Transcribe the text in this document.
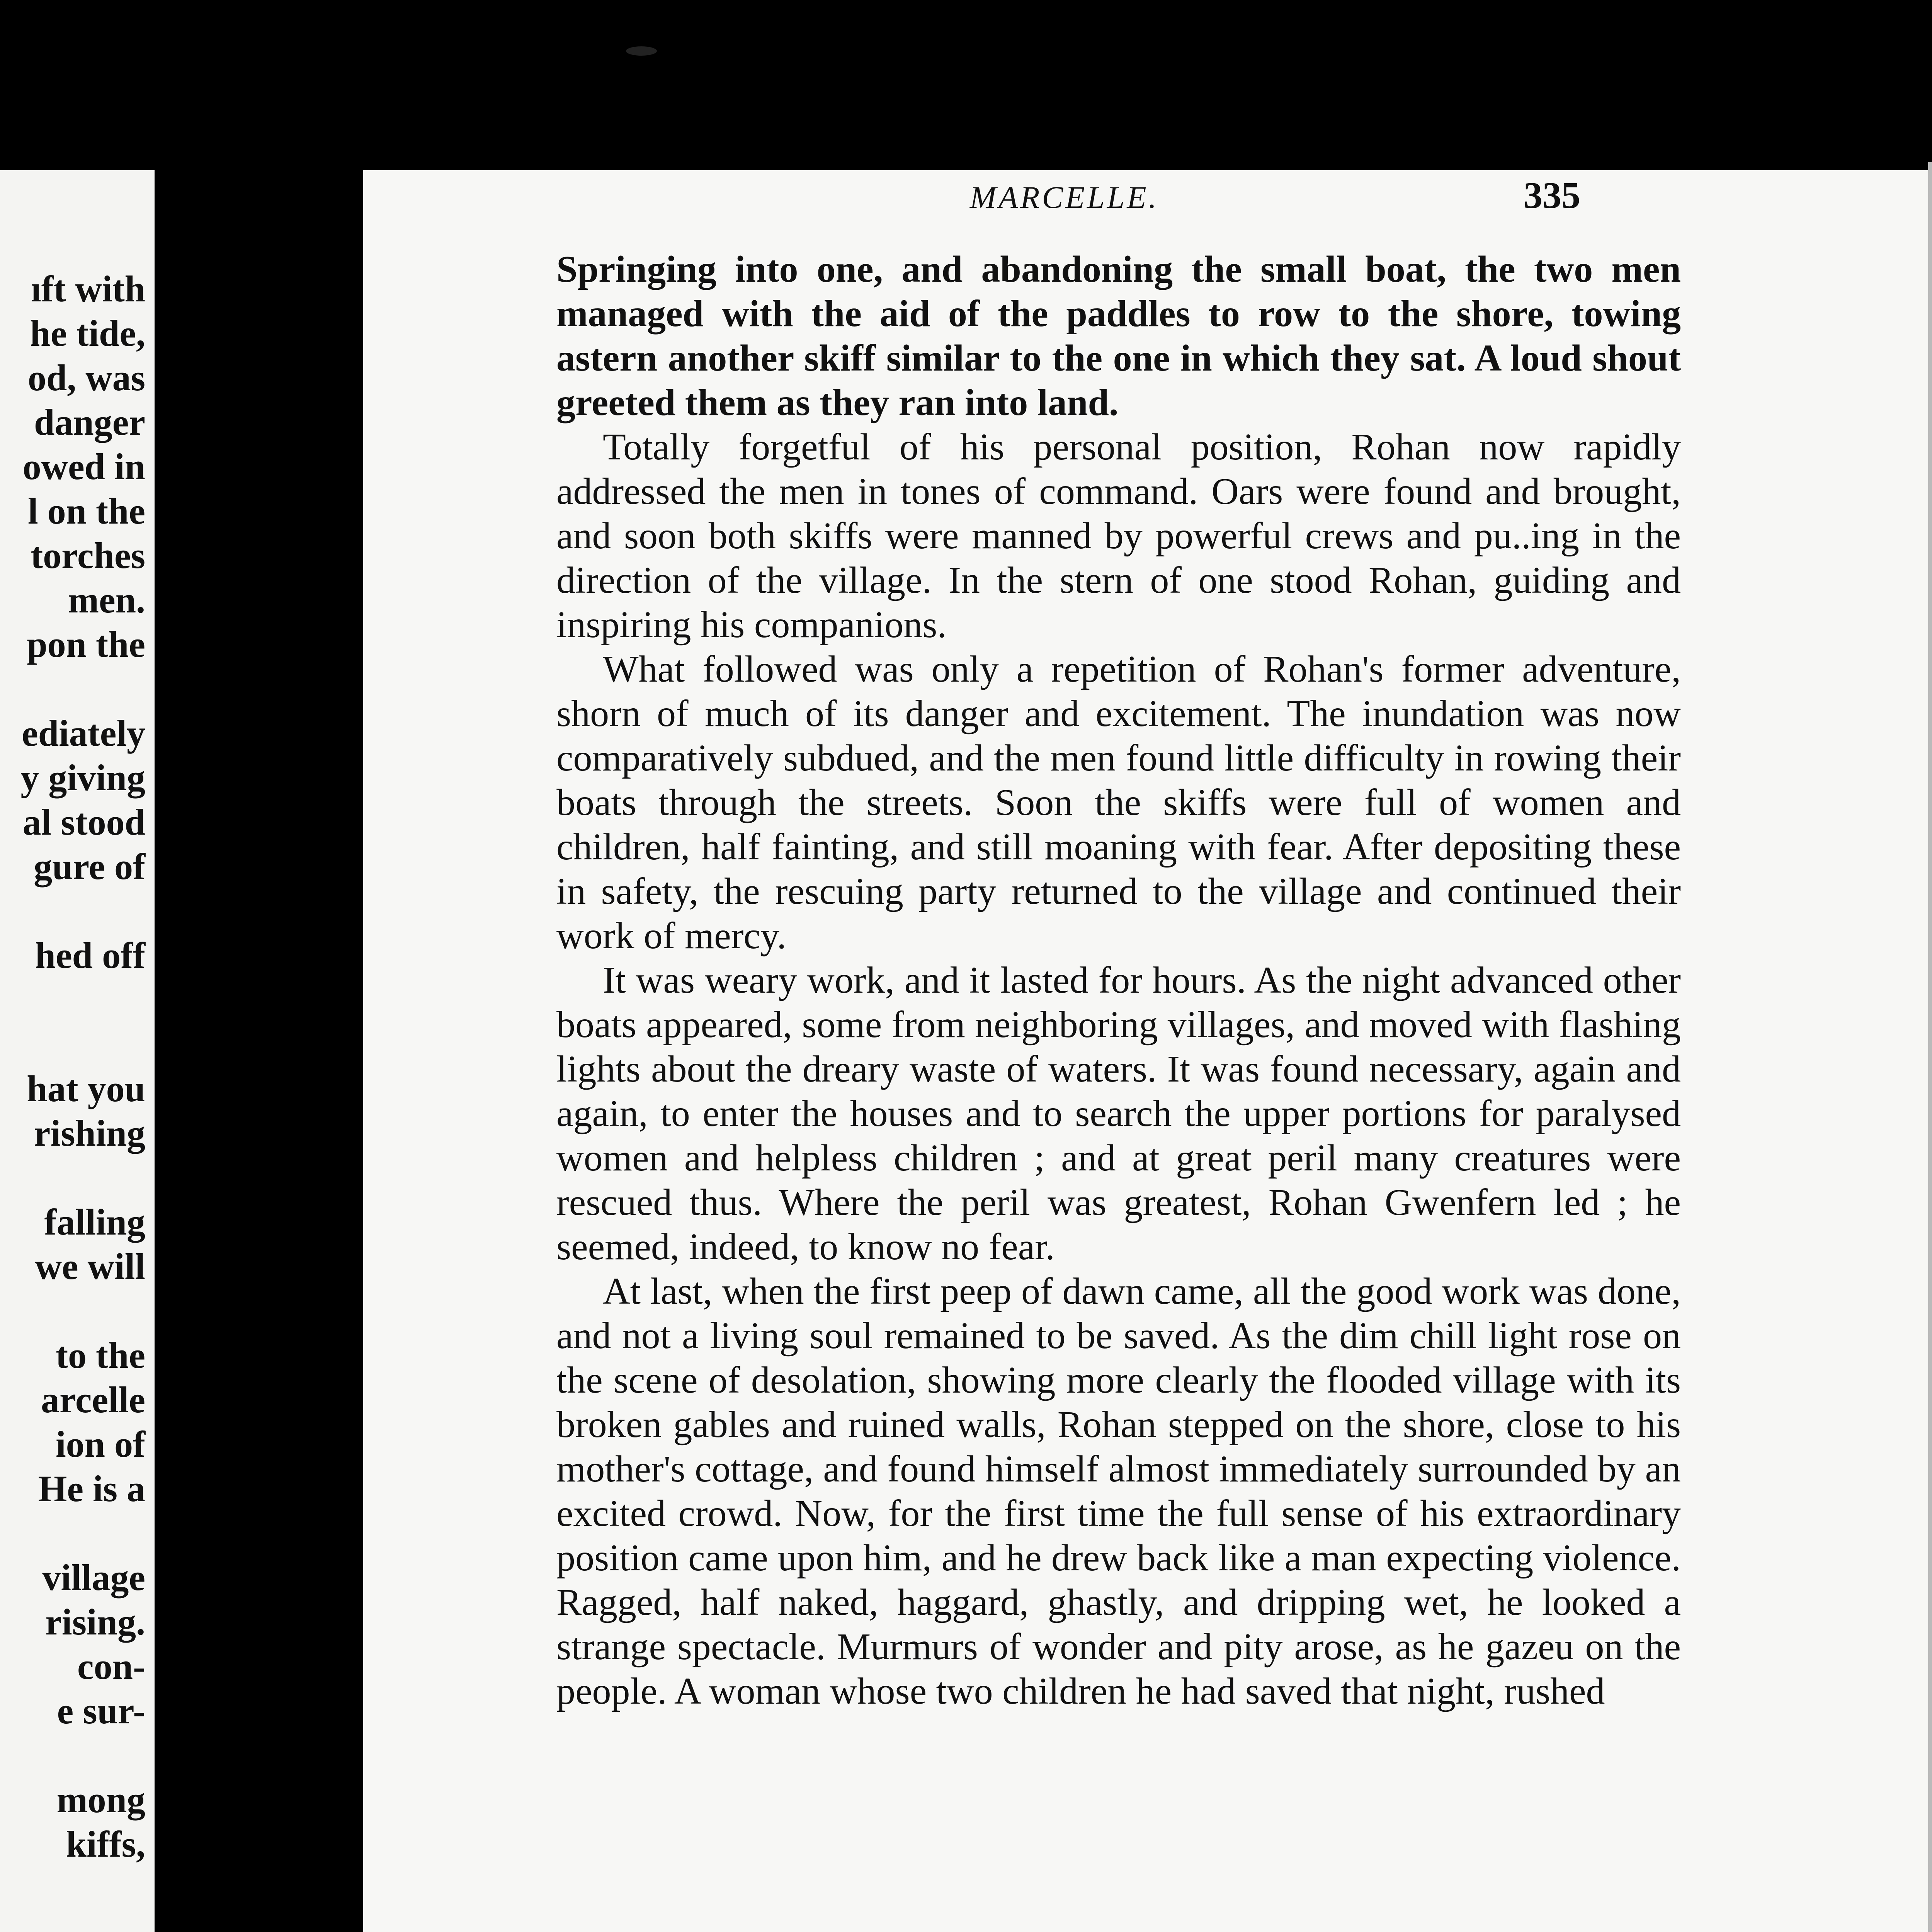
ıft with
he tide,
od, was
danger
owed in
l on the
torches
men.
pon the
ediately
y giving
al stood
gure of
hed off
hat you
rishing
falling
we will
to the
arcelle
ion of
He is a
village
rising.
con-
e sur-
mong
kiffs,
MARCELLE.	335

Springing into one, and abandoning the small boat, the two men managed with the aid of the paddles to row to the shore, towing astern another skiff similar to the one in which they sat. A loud shout greeted them as they ran into land.

Totally forgetful of his personal position, Rohan now rapidly addressed the men in tones of command. Oars were found and brought, and soon both skiffs were manned by powerful crews and pu..ing in the direction of the village. In the stern of one stood Rohan, guiding and inspiring his companions.

What followed was only a repetition of Rohan's former adventure, shorn of much of its danger and excitement. The inundation was now comparatively subdued, and the men found little difficulty in rowing their boats through the streets. Soon the skiffs were full of women and children, half fainting, and still moaning with fear. After depositing these in safety, the rescuing party returned to the village and continued their work of mercy.

It was weary work, and it lasted for hours. As the night advanced other boats appeared, some from neighboring villages, and moved with flashing lights about the dreary waste of waters. It was found necessary, again and again, to enter the houses and to search the upper portions for paralysed women and helpless children ; and at great peril many creatures were rescued thus. Where the peril was greatest, Rohan Gwenfern led ; he seemed, indeed, to know no fear.

At last, when the first peep of dawn came, all the good work was done, and not a living soul remained to be saved. As the dim chill light rose on the scene of desolation, showing more clearly the flooded village with its broken gables and ruined walls, Rohan stepped on the shore, close to his mother's cottage, and found himself almost immediately surrounded by an excited crowd. Now, for the first time the full sense of his extraordinary position came upon him, and he drew back like a man expecting violence. Ragged, half naked, haggard, ghastly, and dripping wet, he looked a strange spectacle. Murmurs of wonder and pity arose, as he gazeu on the people. A woman whose two children he had saved that night, rushed
